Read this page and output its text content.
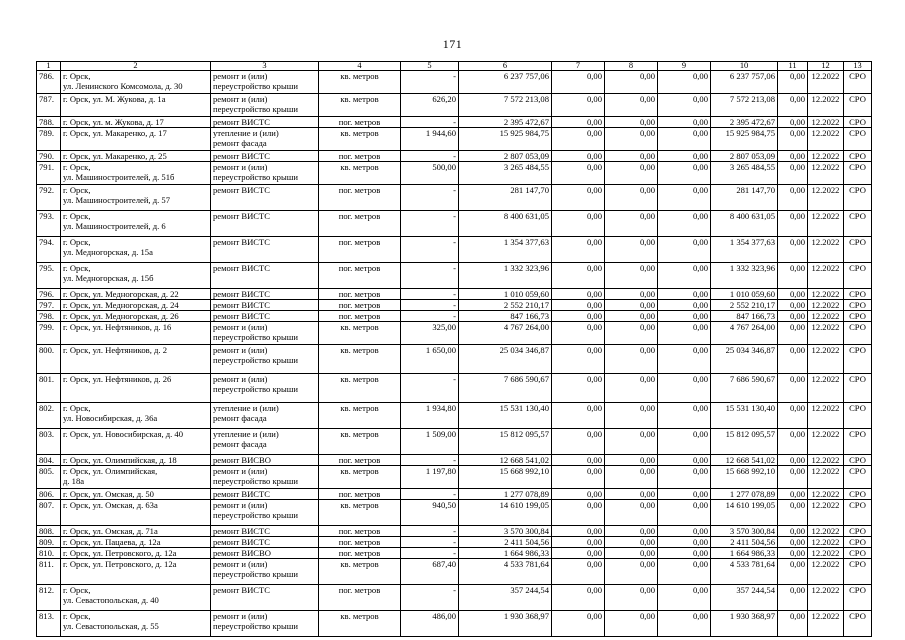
171
1	2	3	4	5	6	7	8	9	10	11	12	13
786.	г. Орск,
ул. Ленинского Комсомола, д. 30	ремонт и (или)
переустройство крыши	кв. метров	-	6 237 757,06	0,00	0,00	0,00	6 237 757,06	0,00	12.2022	СРО
787.	г. Орск, ул. М. Жукова, д. 1а	ремонт и (или)
переустройство крыши	кв. метров	626,20	7 572 213,08	0,00	0,00	0,00	7 572 213,08	0,00	12.2022	СРО
788.	г. Орск, ул. м. Жукова, д. 17	ремонт ВИСТС	пог. метров	-	2 395 472,67	0,00	0,00	0,00	2 395 472,67	0,00	12.2022	СРО
789.	г. Орск, ул. Макаренко, д. 17	утепление и (или)
ремонт фасада	кв. метров	1 944,60	15 925 984,75	0,00	0,00	0,00	15 925 984,75	0,00	12.2022	СРО
790.	г. Орск, ул. Макаренко, д. 25	ремонт ВИСТС	пог. метров	-	2 807 053,09	0,00	0,00	0,00	2 807 053,09	0,00	12.2022	СРО
791.	г. Орск,
ул. Машиностроителей, д. 51б	ремонт и (или)
переустройство крыши	кв. метров	500,00	3 265 484,55	0,00	0,00	0,00	3 265 484,55	0,00	12.2022	СРО
792.	г. Орск,
ул. Машиностроителей, д. 57	ремонт ВИСТС	пог. метров	-	281 147,70	0,00	0,00	0,00	281 147,70	0,00	12.2022	СРО
793.	г. Орск,
ул. Машиностроителей, д. 6	ремонт ВИСТС	пог. метров	-	8 400 631,05	0,00	0,00	0,00	8 400 631,05	0,00	12.2022	СРО
794.	г. Орск,
ул. Медногорская, д. 15а	ремонт ВИСТС	пог. метров	-	1 354 377,63	0,00	0,00	0,00	1 354 377,63	0,00	12.2022	СРО
795.	г. Орск,
ул. Медногорская, д. 15б	ремонт ВИСТС	пог. метров	-	1 332 323,96	0,00	0,00	0,00	1 332 323,96	0,00	12.2022	СРО
796.	г. Орск, ул. Медногорская, д. 22	ремонт ВИСТС	пог. метров	-	1 010 059,60	0,00	0,00	0,00	1 010 059,60	0,00	12.2022	СРО
797.	г. Орск, ул. Медногорская, д. 24	ремонт ВИСТС	пог. метров	-	2 552 210,17	0,00	0,00	0,00	2 552 210,17	0,00	12.2022	СРО
798.	г. Орск, ул. Медногорская, д. 26	ремонт ВИСТС	пог. метров	-	847 166,73	0,00	0,00	0,00	847 166,73	0,00	12.2022	СРО
799.	г. Орск, ул. Нефтяников, д. 16	ремонт и (или)
переустройство крыши	кв. метров	325,00	4 767 264,00	0,00	0,00	0,00	4 767 264,00	0,00	12.2022	СРО
800.	г. Орск, ул. Нефтяников, д. 2	ремонт и (или)
переустройство крыши	кв. метров	1 650,00	25 034 346,87	0,00	0,00	0,00	25 034 346,87	0,00	12.2022	СРО
801.	г. Орск, ул. Нефтяников, д. 26	ремонт и (или)
переустройство крыши	кв. метров	-	7 686 590,67	0,00	0,00	0,00	7 686 590,67	0,00	12.2022	СРО
802.	г. Орск,
ул. Новосибирская, д. 36а	утепление и (или)
ремонт фасада	кв. метров	1 934,80	15 531 130,40	0,00	0,00	0,00	15 531 130,40	0,00	12.2022	СРО
803.	г. Орск, ул. Новосибирская, д. 40	утепление и (или)
ремонт фасада	кв. метров	1 509,00	15 812 095,57	0,00	0,00	0,00	15 812 095,57	0,00	12.2022	СРО
804.	г. Орск, ул. Олимпийская, д. 18	ремонт ВИСВО	пог. метров	-	12 668 541,02	0,00	0,00	0,00	12 668 541,02	0,00	12.2022	СРО
805.	г. Орск, ул. Олимпийская,
д. 18а	ремонт и (или)
переустройство крыши	кв. метров	1 197,80	15 668 992,10	0,00	0,00	0,00	15 668 992,10	0,00	12.2022	СРО
806.	г. Орск, ул. Омская, д. 50	ремонт ВИСТС	пог. метров	-	1 277 078,89	0,00	0,00	0,00	1 277 078,89	0,00	12.2022	СРО
807.	г. Орск, ул. Омская, д. 63а	ремонт и (или)
переустройство крыши	кв. метров	940,50	14 610 199,05	0,00	0,00	0,00	14 610 199,05	0,00	12.2022	СРО
808.	г. Орск, ул. Омская, д. 71а	ремонт ВИСТС	пог. метров	-	3 570 300,84	0,00	0,00	0,00	3 570 300,84	0,00	12.2022	СРО
809.	г. Орск, ул. Пацаева, д. 12а	ремонт ВИСТС	пог. метров	-	2 411 504,56	0,00	0,00	0,00	2 411 504,56	0,00	12.2022	СРО
810.	г. Орск, ул. Петровского, д. 12а	ремонт ВИСВО	пог. метров	-	1 664 986,33	0,00	0,00	0,00	1 664 986,33	0,00	12.2022	СРО
811.	г. Орск, ул. Петровского, д. 12а	ремонт и (или)
переустройство крыши	кв. метров	687,40	4 533 781,64	0,00	0,00	0,00	4 533 781,64	0,00	12.2022	СРО
812.	г. Орск,
ул. Севастопольская, д. 40	ремонт ВИСТС	пог. метров	-	357 244,54	0,00	0,00	0,00	357 244,54	0,00	12.2022	СРО
813.	г. Орск,
ул. Севастопольская, д. 55	ремонт и (или)
переустройство крыши	кв. метров	486,00	1 930 368,97	0,00	0,00	0,00	1 930 368,97	0,00	12.2022	СРО
